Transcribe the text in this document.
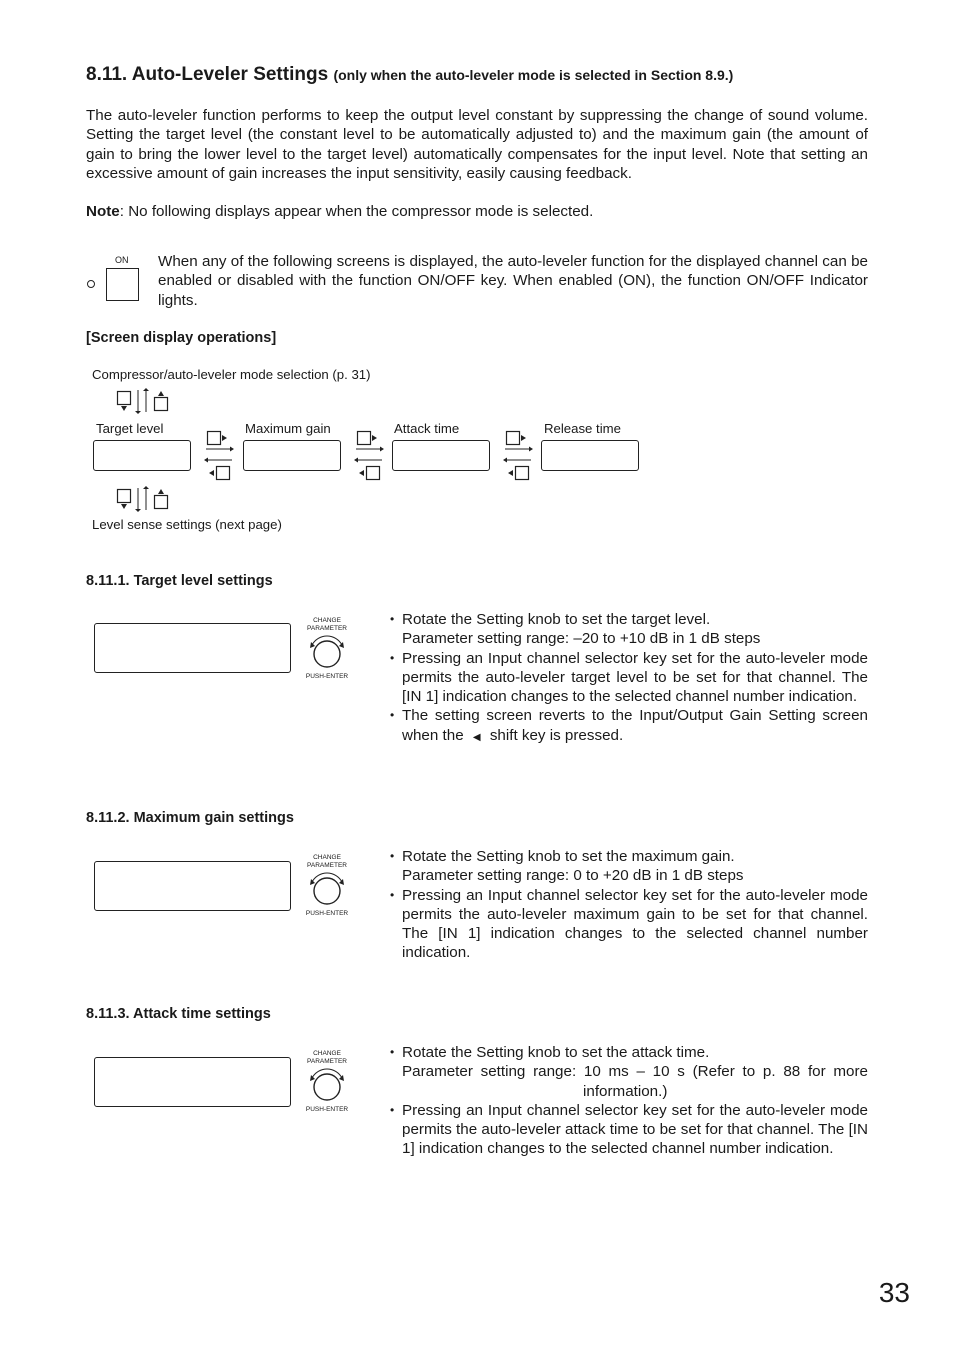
8.11. Auto-Leveler Settings (only when the auto-leveler mode is selected in Section 8.9.)
The auto-leveler function performs to keep the output level constant by suppressing the change of sound volume. Setting the target level (the constant level to be automatically adjusted to) and the maximum gain (the amount of gain to bring the lower level to the target level) automatically compensates for the input level. Note that setting an excessive amount of gain increases the input sensitivity, easily causing feedback.
Note: No following displays appear when the compressor mode is selected.
ON When any of the following screens is displayed, the auto-leveler function for the displayed channel can be enabled or disabled with the function ON/OFF key. When enabled (ON), the function ON/OFF Indicator lights.
[Screen display operations]
Compressor/auto-leveler mode selection (p. 31)
Target level	Maximum gain	Attack time	Release time

Level sense settings (next page)
8.11.1. Target level settings

CHANGE
PARAMETER
PUSH-ENTER
• Rotate the Setting knob to set the target level.
Parameter setting range: –20 to +10 dB in 1 dB steps
• Pressing an Input channel selector key set for the auto-leveler mode permits the auto-leveler target level to be set for that channel. The [IN 1] indication changes to the selected channel number indication.
• The setting screen reverts to the Input/Output Gain Setting screen when the ◀ shift key is pressed.
8.11.2. Maximum gain settings

CHANGE
PARAMETER
PUSH-ENTER
• Rotate the Setting knob to set the maximum gain.
Parameter setting range: 0 to +20 dB in 1 dB steps
• Pressing an Input channel selector key set for the auto-leveler mode permits the auto-leveler maximum gain to be set for that channel. The [IN 1] indication changes to the selected channel number indication.
8.11.3. Attack time settings

CHANGE
PARAMETER
PUSH-ENTER
• Rotate the Setting knob to set the attack time.

Parameter setting range: 10 ms – 10 s (Refer to p. 88 for more
information.)
• Pressing an Input channel selector key set for the auto-leveler mode permits the auto-leveler attack time to be set for that channel. The [IN 1] indication changes to the selected channel number indication.
33
